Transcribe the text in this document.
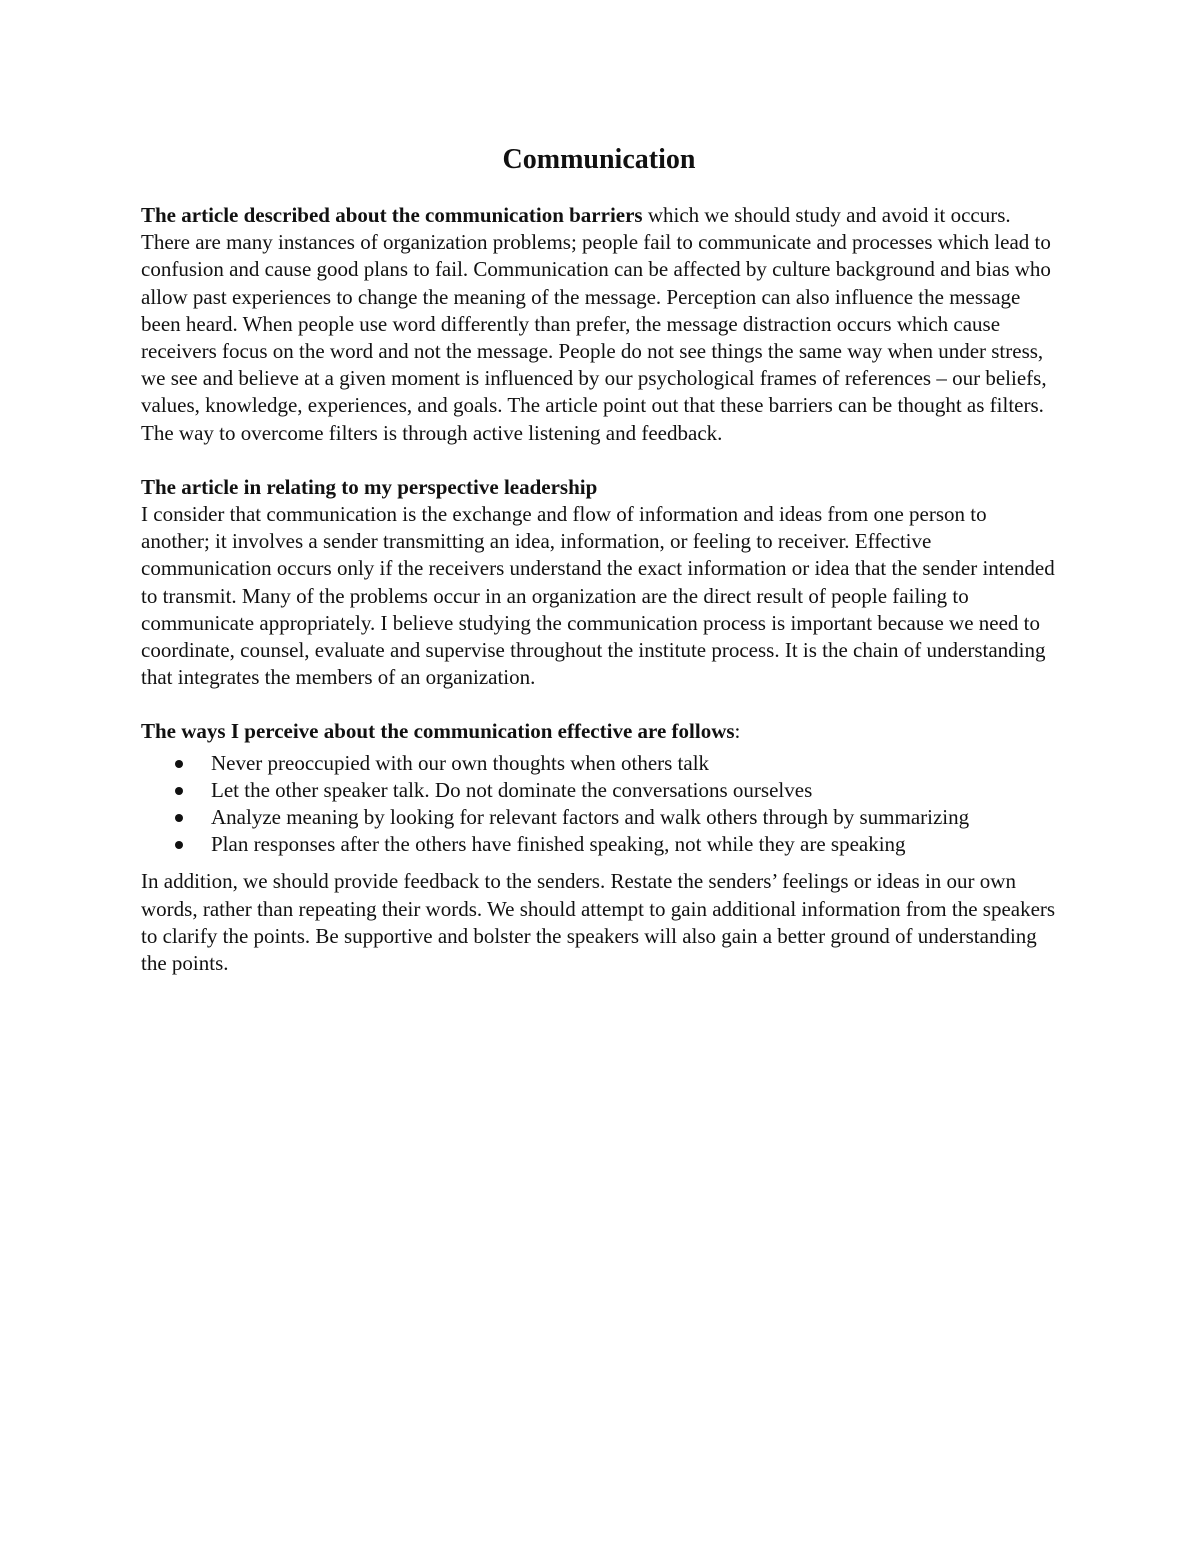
Communication

The article described about the communication barriers which we should study and avoid it occurs. There are many instances of organization problems; people fail to communicate and processes which lead to confusion and cause good plans to fail. Communication can be affected by culture background and bias who allow past experiences to change the meaning of the message. Perception can also influence the message been heard. When people use word differently than prefer, the message distraction occurs which cause receivers focus on the word and not the message. People do not see things the same way when under stress, we see and believe at a given moment is influenced by our psychological frames of references – our beliefs, values, knowledge, experiences, and goals. The article point out that these barriers can be thought as filters. The way to overcome filters is through active listening and feedback.

The article in relating to my perspective leadership

I consider that communication is the exchange and flow of information and ideas from one person to another; it involves a sender transmitting an idea, information, or feeling to receiver. Effective communication occurs only if the receivers understand the exact information or idea that the sender intended to transmit. Many of the problems occur in an organization are the direct result of people failing to communicate appropriately. I believe studying the communication process is important because we need to coordinate, counsel, evaluate and supervise throughout the institute process. It is the chain of understanding that integrates the members of an organization.

The ways I perceive about the communication effective are follows:

Never preoccupied with our own thoughts when others talk
Let the other speaker talk. Do not dominate the conversations ourselves
Analyze meaning by looking for relevant factors and walk others through by summarizing
Plan responses after the others have finished speaking, not while they are speaking

In addition, we should provide feedback to the senders. Restate the senders’ feelings or ideas in our own words, rather than repeating their words. We should attempt to gain additional information from the speakers to clarify the points. Be supportive and bolster the speakers will also gain a better ground of understanding the points.
